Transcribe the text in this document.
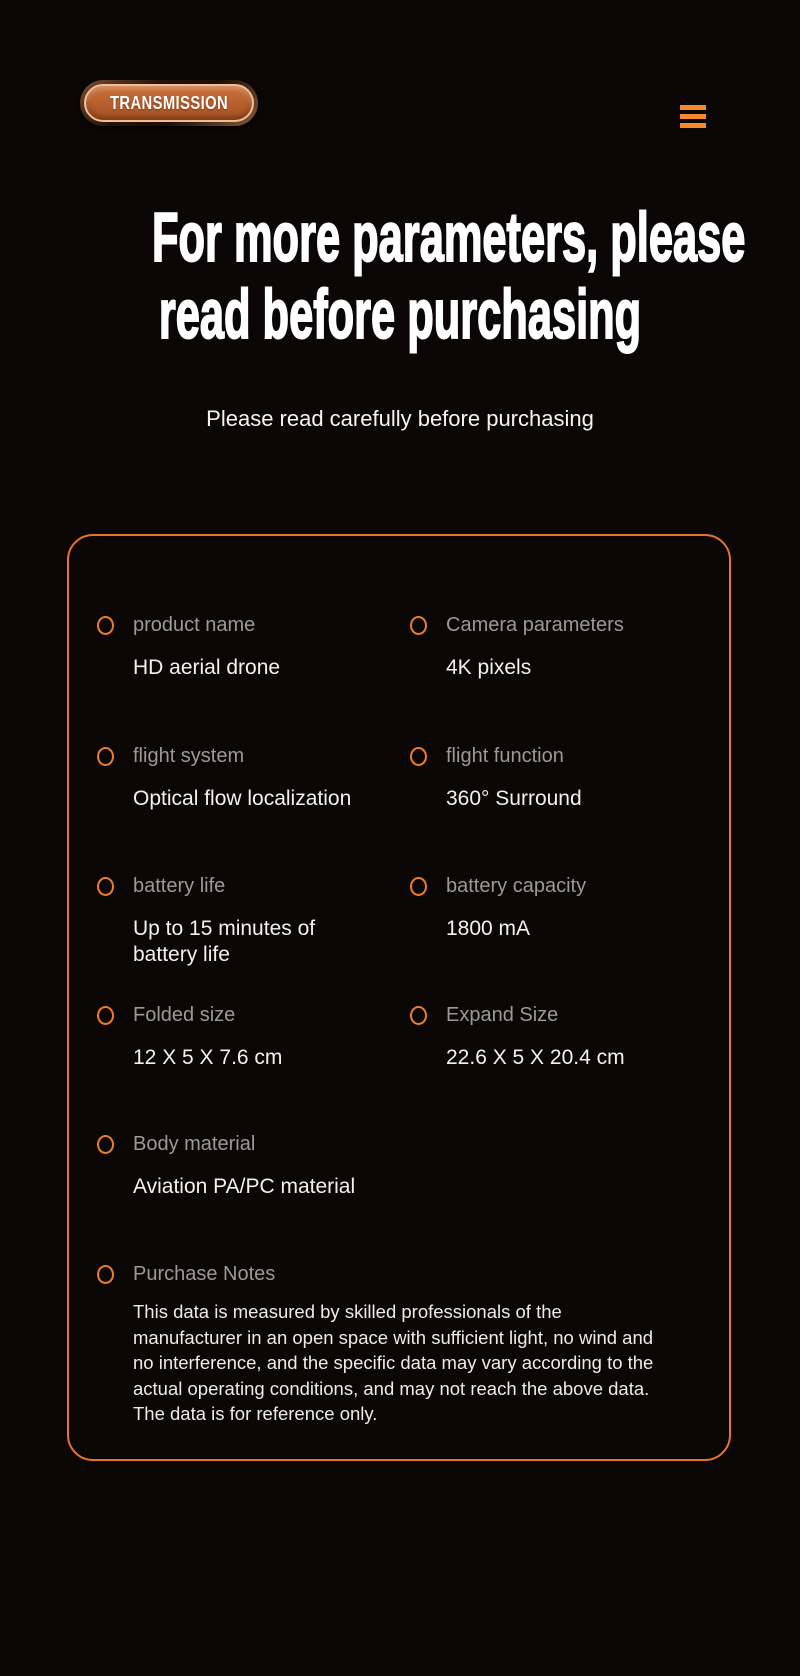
TRANSMISSION
For more parameters, please
read before purchasing
Please read carefully before purchasing
product name
HD aerial drone
Camera parameters
4K pixels
flight system
Optical flow localization
flight function
360° Surround
battery life
Up to 15 minutes of battery life
battery capacity
1800 mA
Folded size
12 X 5 X 7.6 cm
Expand Size
22.6 X 5 X 20.4 cm
Body material
Aviation PA/PC material
Purchase Notes
This data is measured by skilled professionals of the manufacturer in an open space with sufficient light, no wind and no interference, and the specific data may vary according to the actual operating conditions, and may not reach the above data. The data is for reference only.
